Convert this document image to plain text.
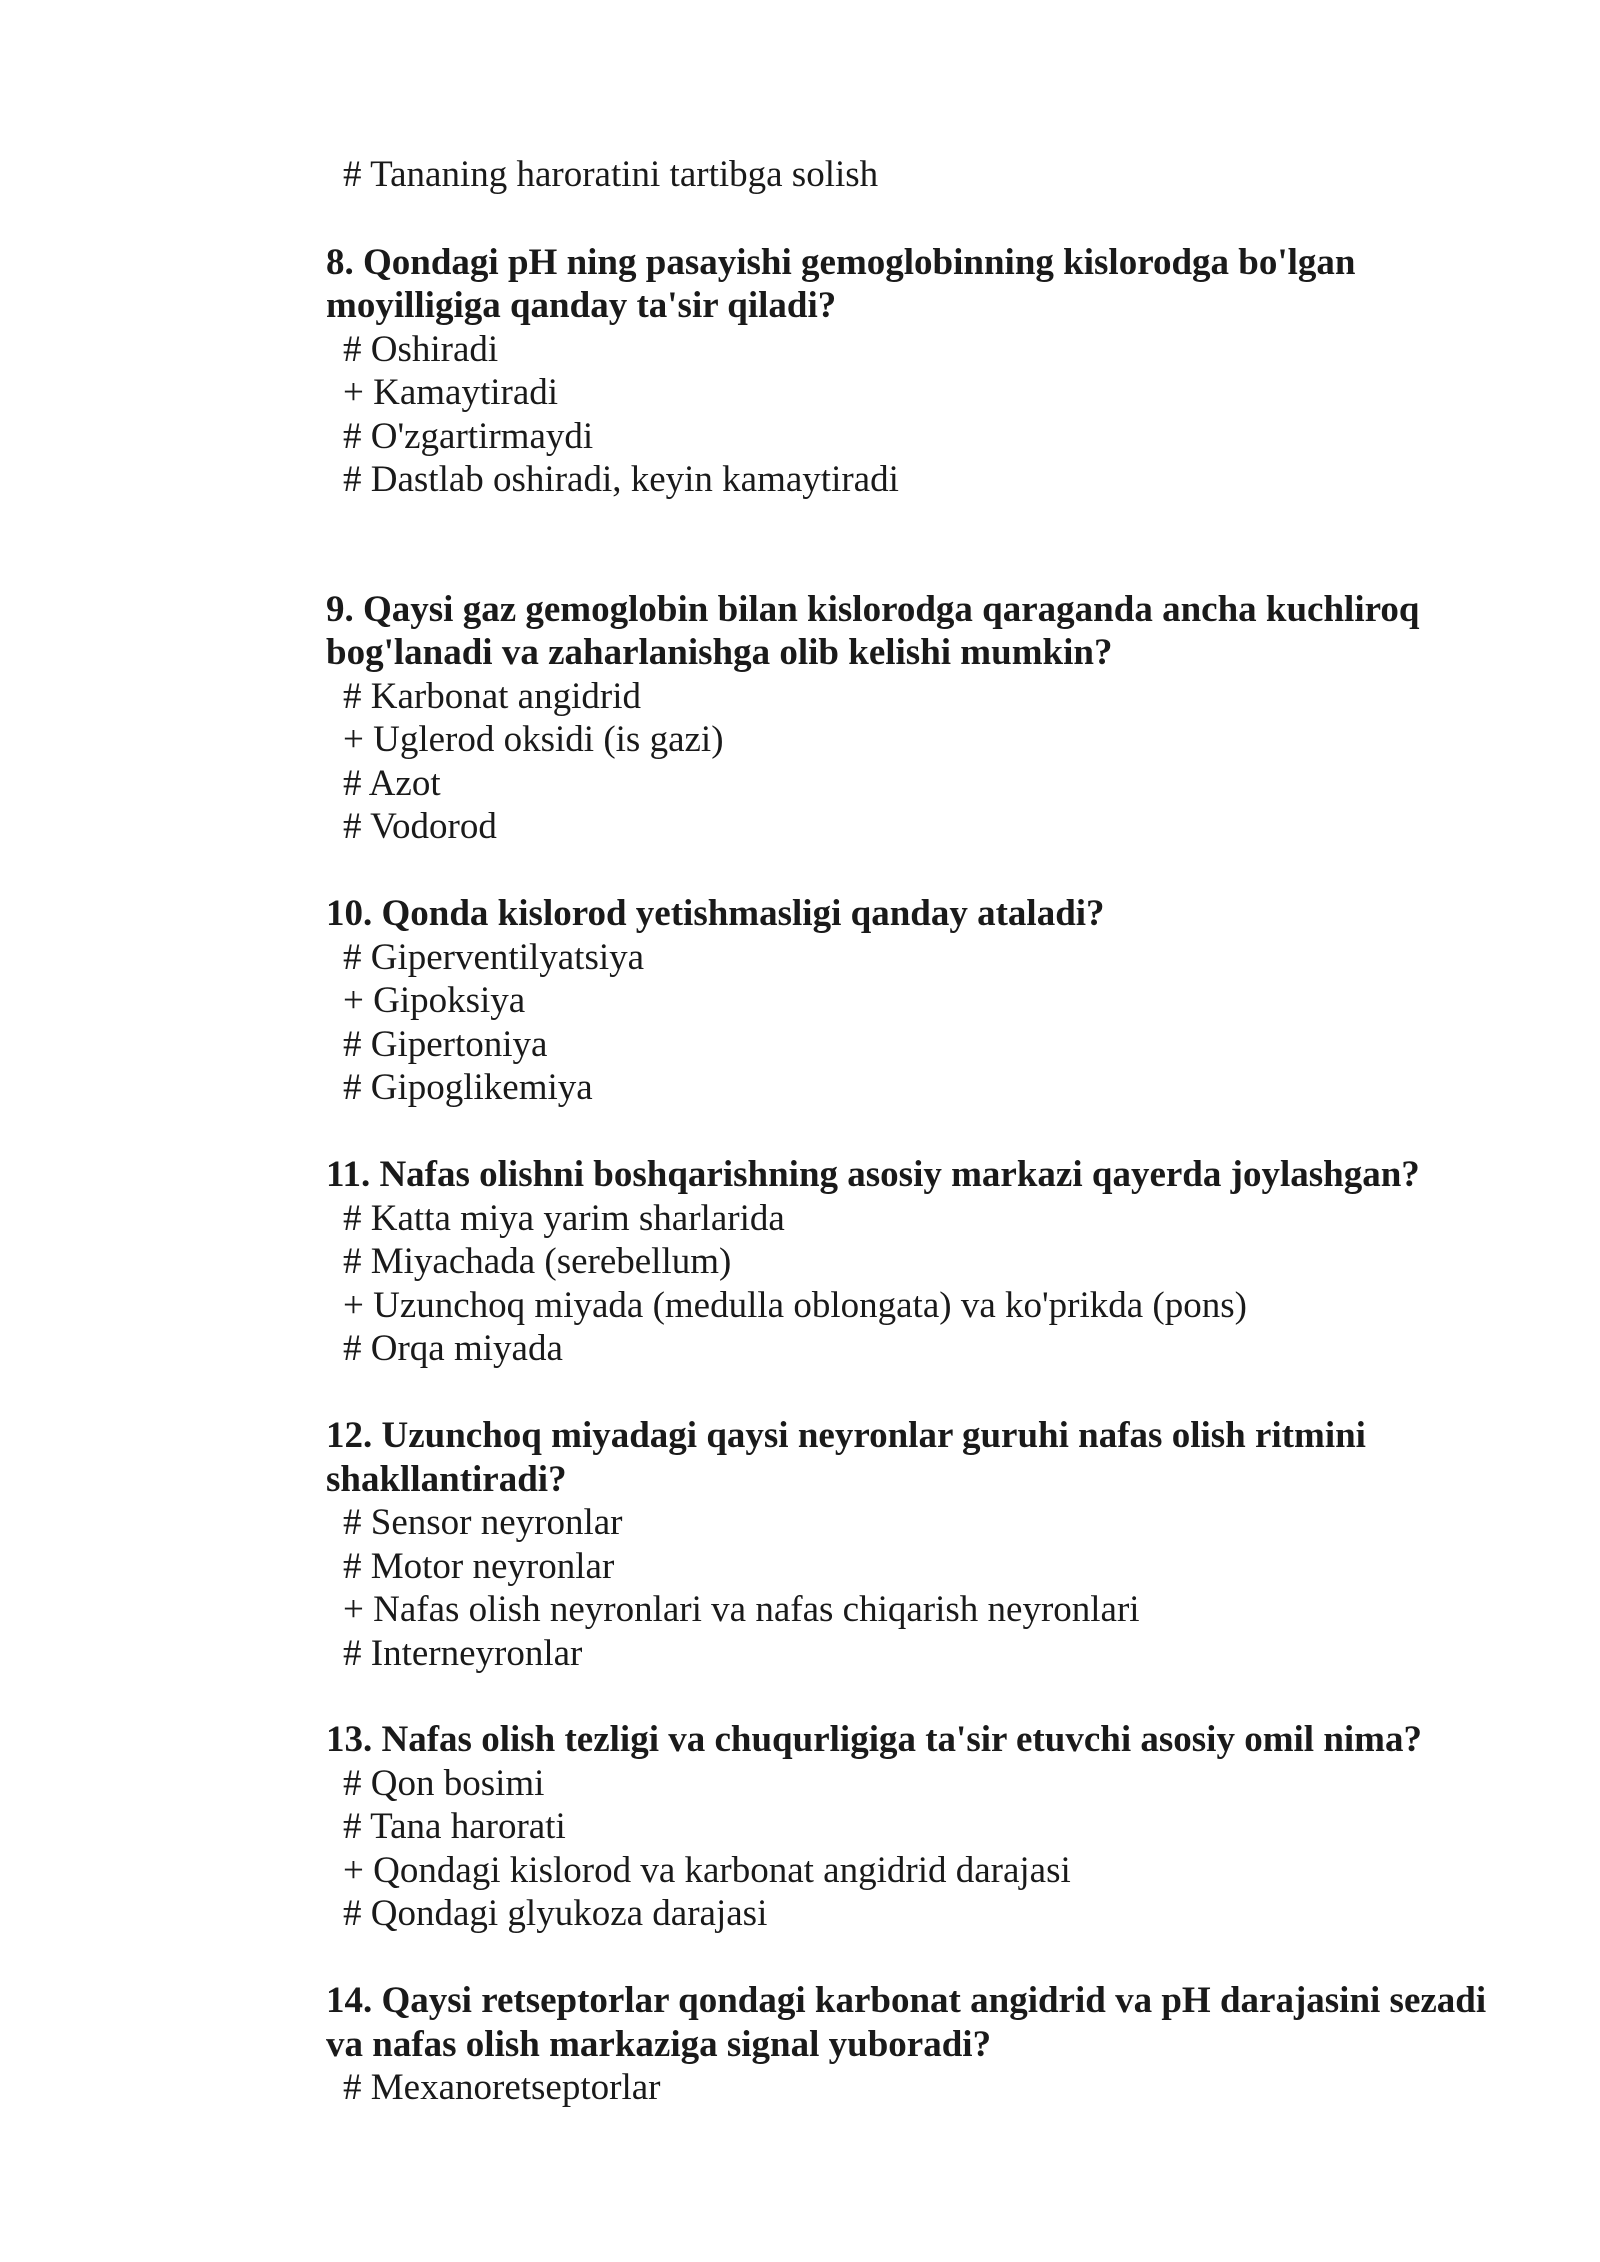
# Tananing haroratini tartibga solish
8. Qondagi pH ning pasayishi gemoglobinning kislorodga bo'lgan
moyilligiga qanday ta'sir qiladi?
# Oshiradi
+ Kamaytiradi
# O'zgartirmaydi
# Dastlab oshiradi, keyin kamaytiradi
9. Qaysi gaz gemoglobin bilan kislorodga qaraganda ancha kuchliroq
bog'lanadi va zaharlanishga olib kelishi mumkin?
# Karbonat angidrid
+ Uglerod oksidi (is gazi)
# Azot
# Vodorod
10. Qonda kislorod yetishmasligi qanday ataladi?
# Giperventilyatsiya
+ Gipoksiya
# Gipertoniya
# Gipoglikemiya
11. Nafas olishni boshqarishning asosiy markazi qayerda joylashgan?
# Katta miya yarim sharlarida
# Miyachada (serebellum)
+ Uzunchoq miyada (medulla oblongata) va ko'prikda (pons)
# Orqa miyada
12. Uzunchoq miyadagi qaysi neyronlar guruhi nafas olish ritmini
shakllantiradi?
# Sensor neyronlar
# Motor neyronlar
+ Nafas olish neyronlari va nafas chiqarish neyronlari
# Interneyronlar
13. Nafas olish tezligi va chuqurligiga ta'sir etuvchi asosiy omil nima?
# Qon bosimi
# Tana harorati
+ Qondagi kislorod va karbonat angidrid darajasi
# Qondagi glyukoza darajasi
14. Qaysi retseptorlar qondagi karbonat angidrid va pH darajasini sezadi
va nafas olish markaziga signal yuboradi?
# Mexanoretseptorlar
